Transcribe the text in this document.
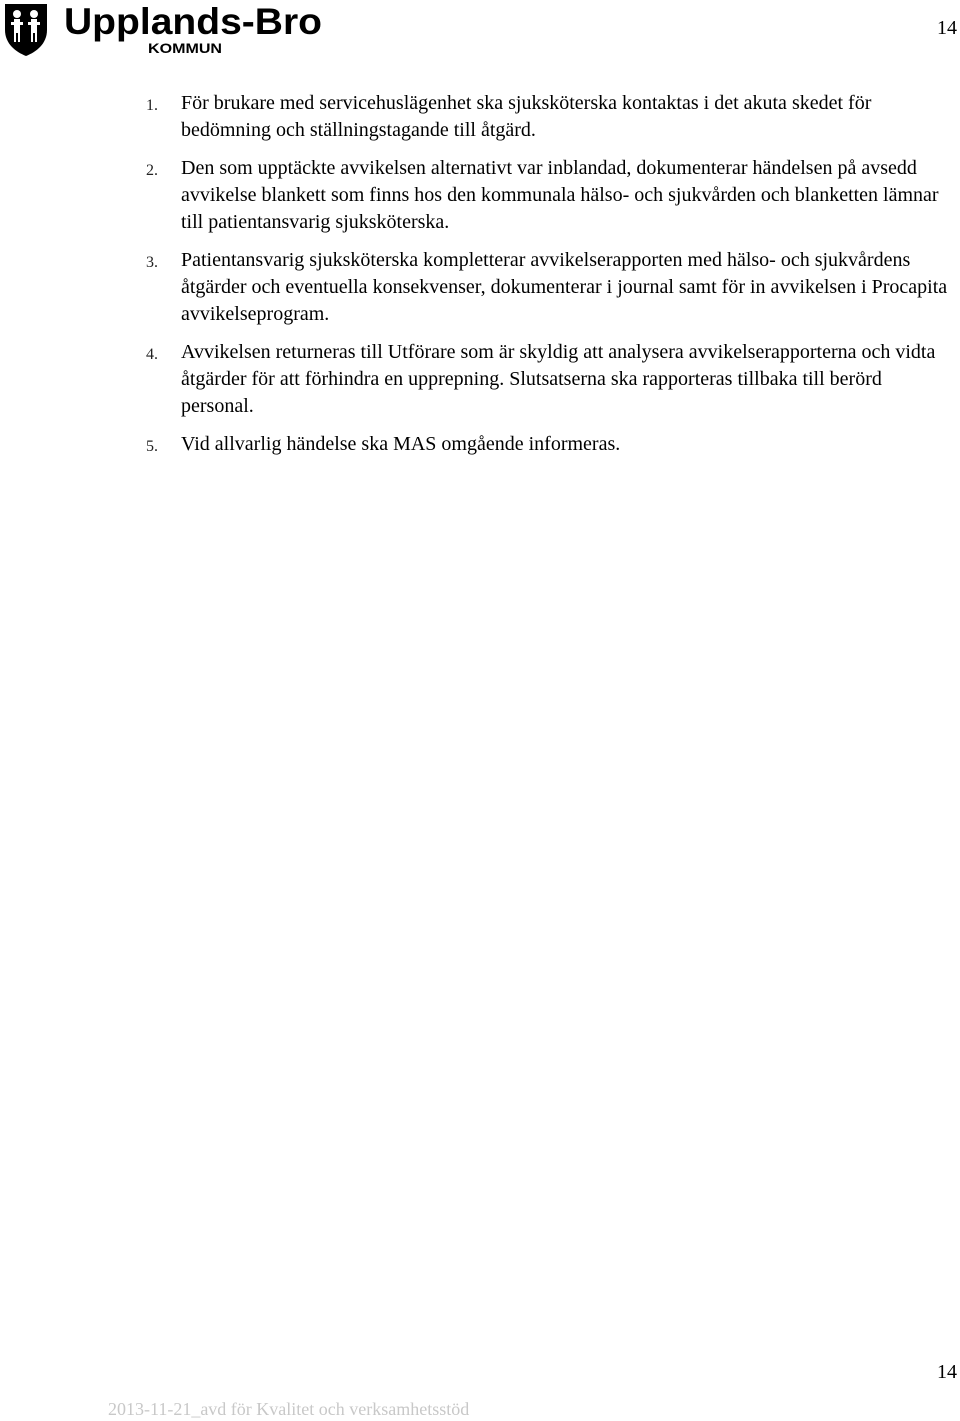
Upplands-Bro
KOMMUN
14
1. För brukare med servicehuslägenhet ska sjuksköterska kontaktas i det akuta skedet för bedömning och ställningstagande till åtgärd.
2. Den som upptäckte avvikelsen alternativt var inblandad, dokumenterar händelsen på avsedd avvikelse blankett som finns hos den kommunala hälso- och sjukvården och blanketten lämnar till patientansvarig sjuksköterska.
3. Patientansvarig sjuksköterska kompletterar avvikelserapporten med hälso- och sjukvårdens åtgärder och eventuella konsekvenser, dokumenterar i journal samt för in avvikelsen i Procapita avvikelseprogram.
4. Avvikelsen returneras till Utförare som är skyldig att analysera avvikelserapporterna och vidta åtgärder för att förhindra en upprepning. Slutsatserna ska rapporteras tillbaka till berörd personal.
5. Vid allvarlig händelse ska MAS omgående informeras.
14
2013-11-21_avd för Kvalitet och verksamhetsstöd
